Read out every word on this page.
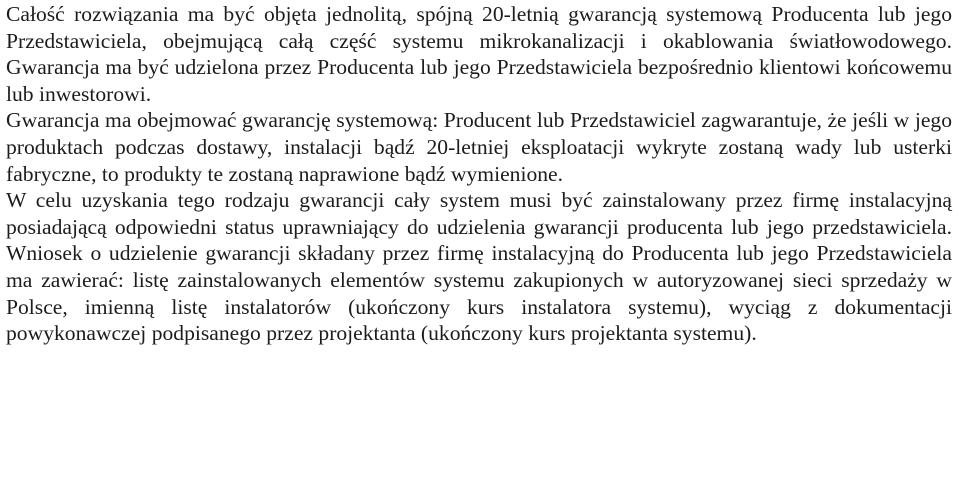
Całość rozwiązania ma być objęta jednolitą, spójną 20-letnią gwarancją systemową Producenta lub jego Przedstawiciela, obejmującą całą część systemu mikrokanalizacji i okablowania światłowodowego. Gwarancja ma być udzielona przez Producenta lub jego Przedstawiciela bezpośrednio klientowi końcowemu lub inwestorowi.

Gwarancja ma obejmować gwarancję systemową: Producent lub Przedstawiciel zagwarantuje, że jeśli w jego produktach podczas dostawy, instalacji bądź 20-letniej eksploatacji wykryte zostaną wady lub usterki fabryczne, to produkty te zostaną naprawione bądź wymienione.

W celu uzyskania tego rodzaju gwarancji cały system musi być zainstalowany przez firmę instalacyjną posiadającą odpowiedni status uprawniający do udzielenia gwarancji producenta lub jego przedstawiciela. Wniosek o udzielenie gwarancji składany przez firmę instalacyjną do Producenta lub jego Przedstawiciela ma zawierać: listę zainstalowanych elementów systemu zakupionych w autoryzowanej sieci sprzedaży w Polsce, imienną listę instalatorów (ukończony kurs instalatora systemu), wyciąg z dokumentacji powykonawczej podpisanego przez projektanta (ukończony kurs projektanta systemu).
